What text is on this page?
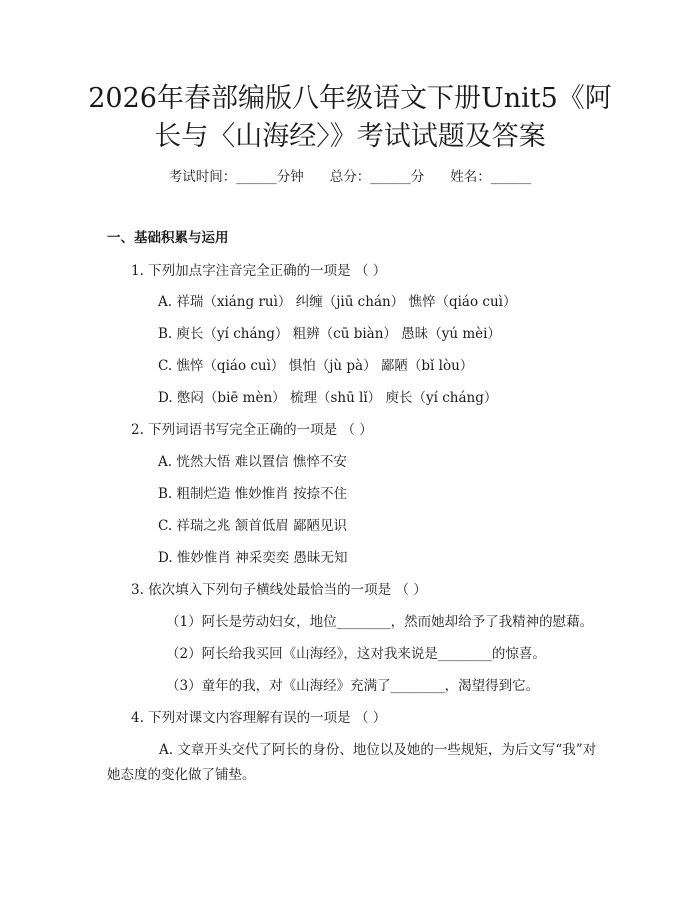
2026年春部编版八年级语文下册Unit5《阿
长与〈山海经〉》考试试题及答案
考试时间：______分钟 总分：______分 姓名：______
一、基础积累与运用
1. 下列加点字注音完全正确的一项是 （ ）
A. 祥瑞（xiáng ruì） 纠缠（jiū chán） 憔悴（qiáo cuì）
B. 庾长（yí cháng） 粗辨（cū biàn） 愚昧（yú mèi）
C. 憔悴（qiáo cuì） 惧怕（jù pà） 鄙陋（bǐ lòu）
D. 憋闷（biē mèn） 梳理（shū lǐ） 庾长（yí cháng）
2. 下列词语书写完全正确的一项是 （ ）
A. 恍然大悟 难以置信 憔悴不安
B. 粗制烂造 惟妙惟肖 按捺不住
C. 祥瑞之兆 颔首低眉 鄙陋见识
D. 惟妙惟肖 神采奕奕 愚昧无知
3. 依次填入下列句子横线处最恰当的一项是 （ ）
（1）阿长是劳动妇女，地位________，然而她却给予了我精神的慰藉。
（2）阿长给我买回《山海经》，这对我来说是________的惊喜。
（3）童年的我，对《山海经》充满了________，渴望得到它。
4. 下列对课文内容理解有误的一项是 （ ）
A. 文章开头交代了阿长的身份、地位以及她的一些规矩，为后文写“我”对她态度的变化做了铺垫。
